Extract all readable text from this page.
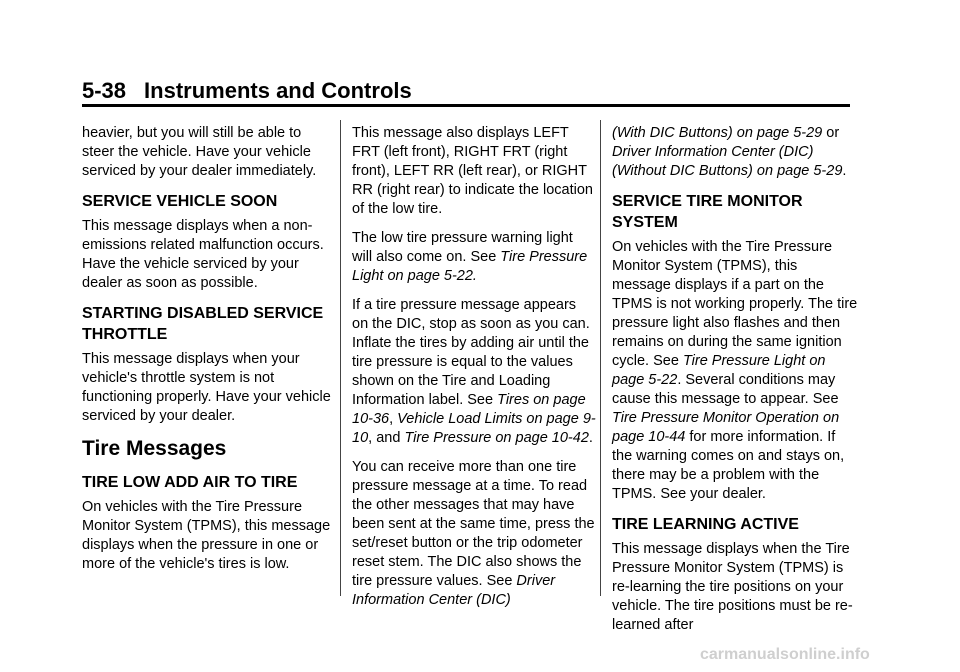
5-38 Instruments and Controls

heavier, but you will still be able to steer the vehicle. Have your vehicle serviced by your dealer immediately.

SERVICE VEHICLE SOON

This message displays when a non-emissions related malfunction occurs. Have the vehicle serviced by your dealer as soon as possible.

STARTING DISABLED SERVICE THROTTLE

This message displays when your vehicle's throttle system is not functioning properly. Have your vehicle serviced by your dealer.

Tire Messages
TIRE LOW ADD AIR TO TIRE

On vehicles with the Tire Pressure Monitor System (TPMS), this message displays when the pressure in one or more of the vehicle's tires is low.

This message also displays LEFT FRT (left front), RIGHT FRT (right front), LEFT RR (left rear), or RIGHT RR (right rear) to indicate the location of the low tire.

The low tire pressure warning light will also come on. See Tire Pressure Light on page 5-22.

If a tire pressure message appears on the DIC, stop as soon as you can. Inflate the tires by adding air until the tire pressure is equal to the values shown on the Tire and Loading Information label. See Tires on page 10-36, Vehicle Load Limits on page 9-10, and Tire Pressure on page 10-42.

You can receive more than one tire pressure message at a time. To read the other messages that may have been sent at the same time, press the set/reset button or the trip odometer reset stem. The DIC also shows the tire pressure values. See Driver Information Center (DIC)

(With DIC Buttons) on page 5-29 or Driver Information Center (DIC) (Without DIC Buttons) on page 5-29.

SERVICE TIRE MONITOR SYSTEM

On vehicles with the Tire Pressure Monitor System (TPMS), this message displays if a part on the TPMS is not working properly. The tire pressure light also flashes and then remains on during the same ignition cycle. See Tire Pressure Light on page 5-22. Several conditions may cause this message to appear. See Tire Pressure Monitor Operation on page 10-44 for more information. If the warning comes on and stays on, there may be a problem with the TPMS. See your dealer.

TIRE LEARNING ACTIVE

This message displays when the Tire Pressure Monitor System (TPMS) is re-learning the tire positions on your vehicle. The tire positions must be re-learned after

carmanualsonline.info
